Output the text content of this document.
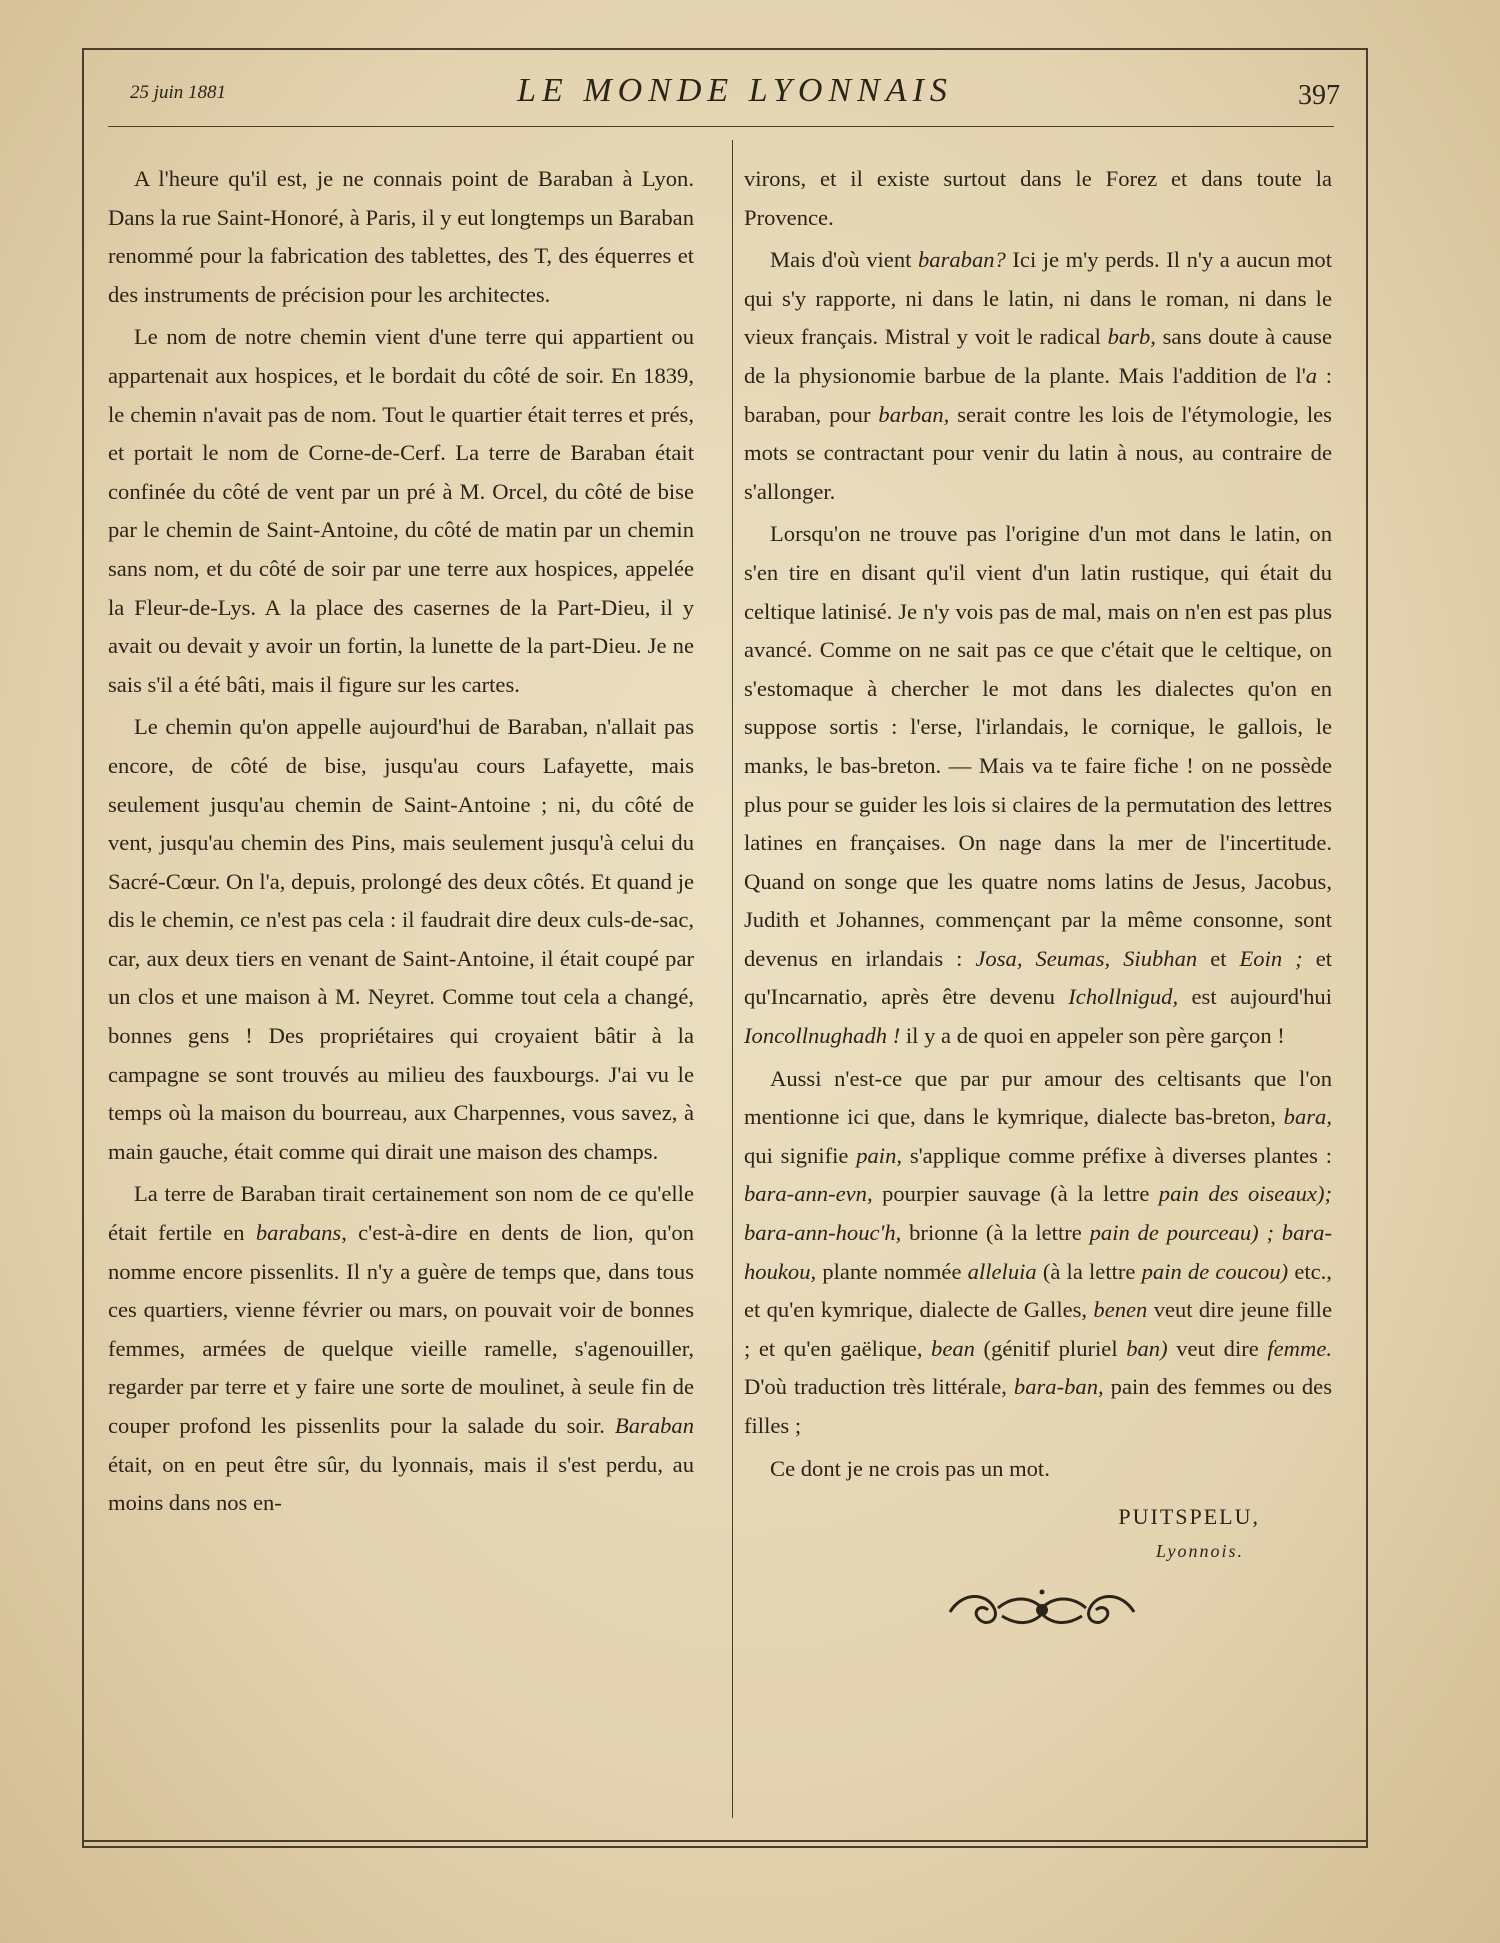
25 juin 1881	LE MONDE LYONNAIS	397

A l'heure qu'il est, je ne connais point de Baraban à Lyon. Dans la rue Saint-Honoré, à Paris, il y eut longtemps un Baraban renommé pour la fabrication des tablettes, des T, des équerres et des instruments de précision pour les architectes.

Le nom de notre chemin vient d'une terre qui appartient ou appartenait aux hospices, et le bordait du côté de soir. En 1839, le chemin n'avait pas de nom. Tout le quartier était terres et prés, et portait le nom de Corne-de-Cerf. La terre de Baraban était confinée du côté de vent par un pré à M. Orcel, du côté de bise par le chemin de Saint-Antoine, du côté de matin par un chemin sans nom, et du côté de soir par une terre aux hospices, appelée la Fleur-de-Lys. A la place des casernes de la Part-Dieu, il y avait ou devait y avoir un fortin, la lunette de la part-Dieu. Je ne sais s'il a été bâti, mais il figure sur les cartes.

Le chemin qu'on appelle aujourd'hui de Baraban, n'allait pas encore, de côté de bise, jusqu'au cours Lafayette, mais seulement jusqu'au chemin de Saint-Antoine ; ni, du côté de vent, jusqu'au chemin des Pins, mais seulement jusqu'à celui du Sacré-Cœur. On l'a, depuis, prolongé des deux côtés. Et quand je dis le chemin, ce n'est pas cela : il faudrait dire deux culs-de-sac, car, aux deux tiers en venant de Saint-Antoine, il était coupé par un clos et une maison à M. Neyret. Comme tout cela a changé, bonnes gens ! Des propriétaires qui croyaient bâtir à la campagne se sont trouvés au milieu des fauxbourgs. J'ai vu le temps où la maison du bourreau, aux Charpennes, vous savez, à main gauche, était comme qui dirait une maison des champs.

La terre de Baraban tirait certainement son nom de ce qu'elle était fertile en barabans, c'est-à-dire en dents de lion, qu'on nomme encore pissenlits. Il n'y a guère de temps que, dans tous ces quartiers, vienne février ou mars, on pouvait voir de bonnes femmes, armées de quelque vieille ramelle, s'agenouiller, regarder par terre et y faire une sorte de moulinet, à seule fin de couper profond les pissenlits pour la salade du soir. Baraban était, on en peut être sûr, du lyonnais, mais il s'est perdu, au moins dans nos en-

virons, et il existe surtout dans le Forez et dans toute la Provence.

Mais d'où vient baraban? Ici je m'y perds. Il n'y a aucun mot qui s'y rapporte, ni dans le latin, ni dans le roman, ni dans le vieux français. Mistral y voit le radical barb, sans doute à cause de la physionomie barbue de la plante. Mais l'addition de l'a : baraban, pour barban, serait contre les lois de l'étymologie, les mots se contractant pour venir du latin à nous, au contraire de s'allonger.

Lorsqu'on ne trouve pas l'origine d'un mot dans le latin, on s'en tire en disant qu'il vient d'un latin rustique, qui était du celtique latinisé. Je n'y vois pas de mal, mais on n'en est pas plus avancé. Comme on ne sait pas ce que c'était que le celtique, on s'estomaque à chercher le mot dans les dialectes qu'on en suppose sortis : l'erse, l'irlandais, le cornique, le gallois, le manks, le bas-breton. — Mais va te faire fiche ! on ne possède plus pour se guider les lois si claires de la permutation des lettres latines en françaises. On nage dans la mer de l'incertitude. Quand on songe que les quatre noms latins de Jesus, Jacobus, Judith et Johannes, commençant par la même consonne, sont devenus en irlandais : Josa, Seumas, Siubhan et Eoin ; et qu'Incarnatio, après être devenu Ichollnigud, est aujourd'hui Ioncollnughadh ! il y a de quoi en appeler son père garçon !

Aussi n'est-ce que par pur amour des celtisants que l'on mentionne ici que, dans le kymrique, dialecte bas-breton, bara, qui signifie pain, s'applique comme préfixe à diverses plantes : bara-ann-evn, pourpier sauvage (à la lettre pain des oiseaux); bara-ann-houc'h, brionne (à la lettre pain de pourceau) ; bara-houkou, plante nommée alleluia (à la lettre pain de coucou) etc., et qu'en kymrique, dialecte de Galles, benen veut dire jeune fille ; et qu'en gaëlique, bean (génitif pluriel ban) veut dire femme. D'où traduction très littérale, bara-ban, pain des femmes ou des filles ;

Ce dont je ne crois pas un mot.

PUITSPELU,
Lyonnois.
